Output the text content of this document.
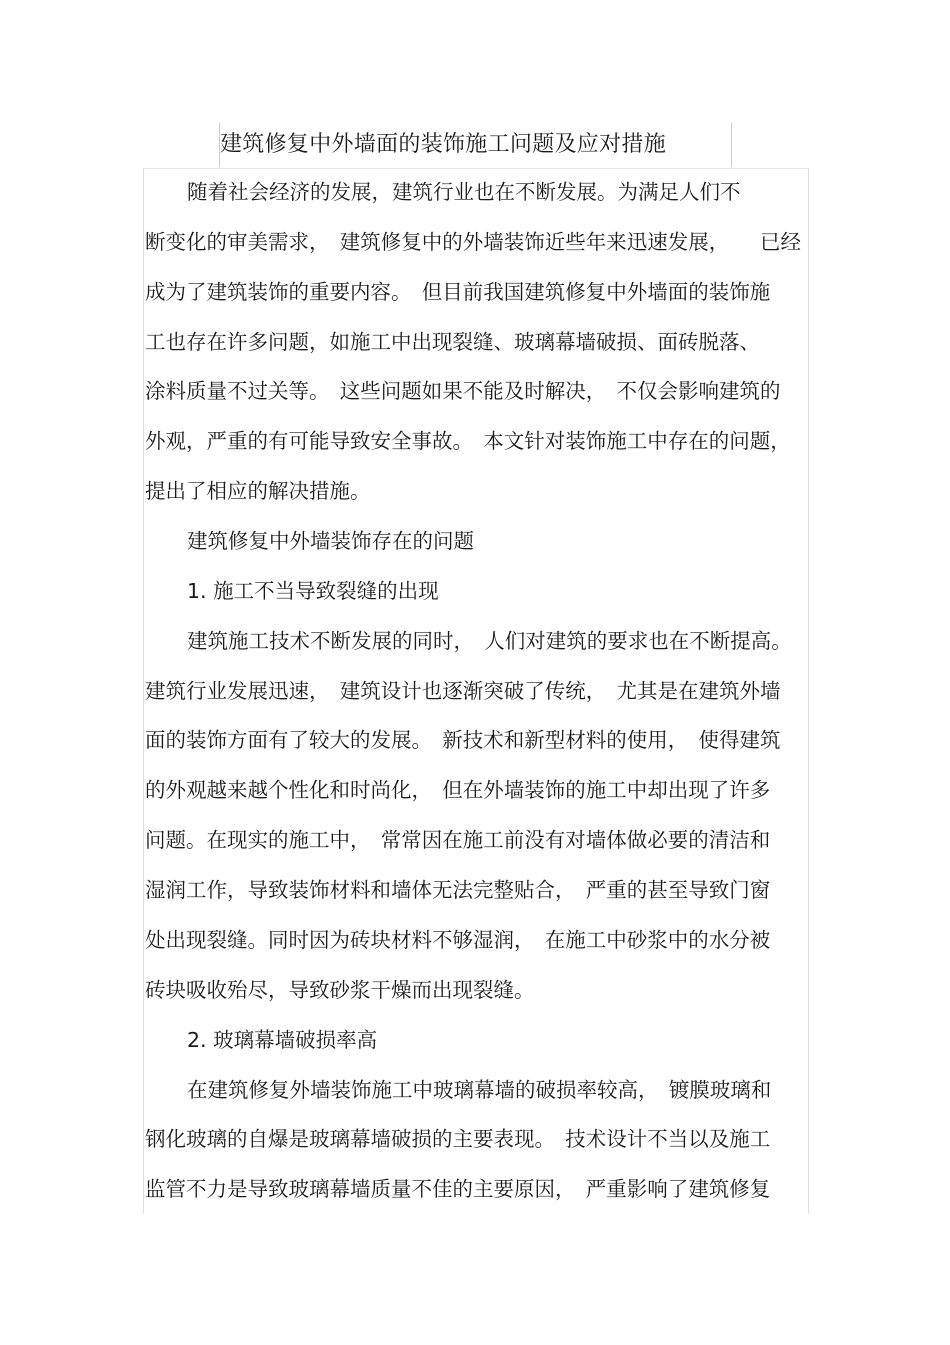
建筑修复中外墙面的装饰施工问题及应对措施
随着社会经济的发展，建筑行业也在不断发展。为满足人们不
断变化的审美需求，　建筑修复中的外墙装饰近些年来迅速发展，　　已经
成为了建筑装饰的重要内容。　但目前我国建筑修复中外墙面的装饰施
工也存在许多问题，如施工中出现裂缝、玻璃幕墙破损、面砖脱落、
涂料质量不过关等。　这些问题如果不能及时解决，　不仅会影响建筑的
外观，严重的有可能导致安全事故。　本文针对装饰施工中存在的问题，
提出了相应的解决措施。
建筑修复中外墙装饰存在的问题
1. 施工不当导致裂缝的出现
建筑施工技术不断发展的同时，　人们对建筑的要求也在不断提高。
建筑行业发展迅速，　建筑设计也逐渐突破了传统，　尤其是在建筑外墙
面的装饰方面有了较大的发展。　新技术和新型材料的使用，　使得建筑
的外观越来越个性化和时尚化，　但在外墙装饰的施工中却出现了许多
问题。在现实的施工中，　常常因在施工前没有对墙体做必要的清洁和
湿润工作，导致装饰材料和墙体无法完整贴合，　严重的甚至导致门窗
处出现裂缝。同时因为砖块材料不够湿润，　在施工中砂浆中的水分被
砖块吸收殆尽，导致砂浆干燥而出现裂缝。
2. 玻璃幕墙破损率高
在建筑修复外墙装饰施工中玻璃幕墙的破损率较高，　镀膜玻璃和
钢化玻璃的自爆是玻璃幕墙破损的主要表现。　技术设计不当以及施工
监管不力是导致玻璃幕墙质量不佳的主要原因，　严重影响了建筑修复
